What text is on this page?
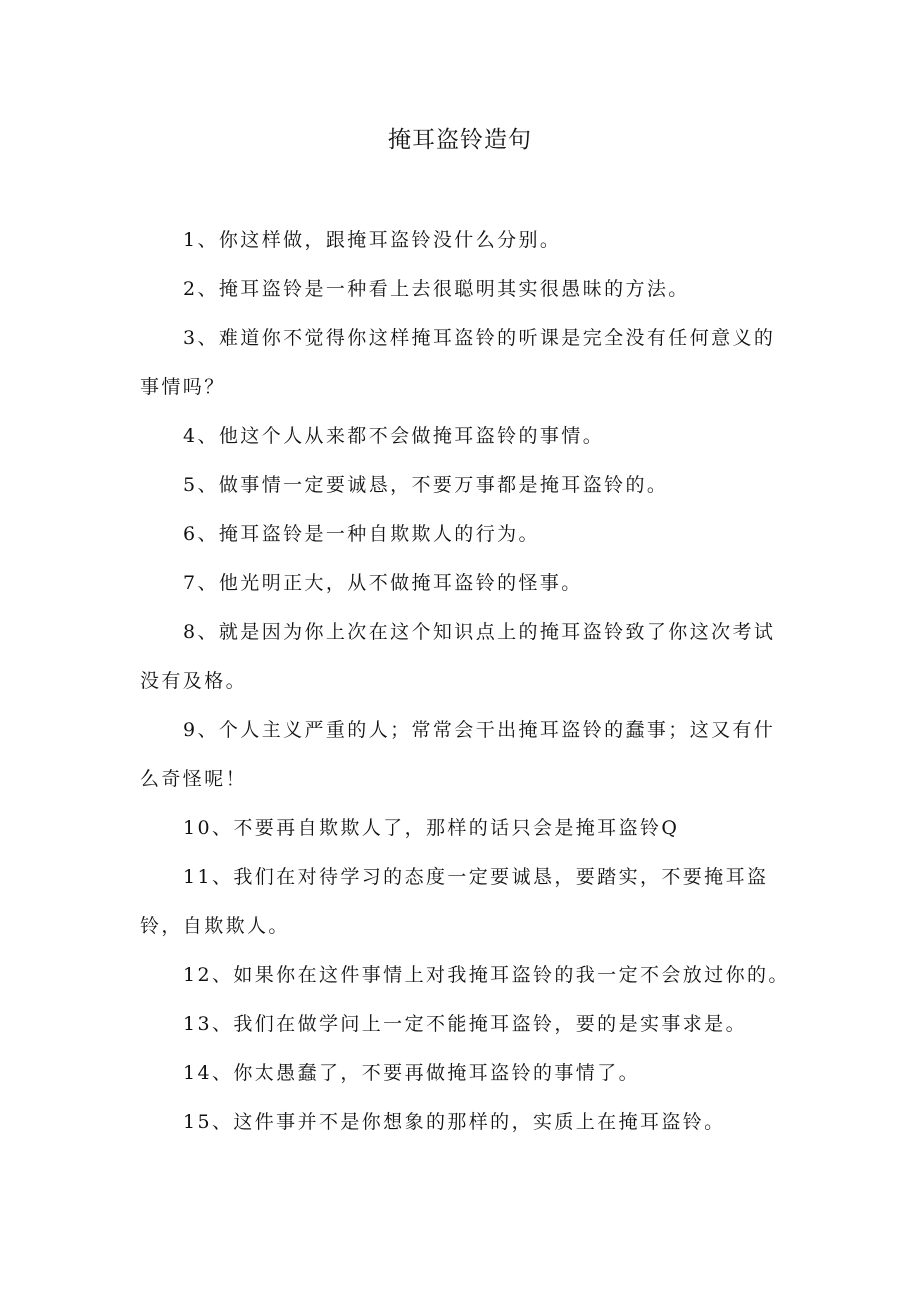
掩耳盗铃造句

1、你这样做，跟掩耳盗铃没什么分别。

2、掩耳盗铃是一种看上去很聪明其实很愚昧的方法。

3、难道你不觉得你这样掩耳盗铃的听课是完全没有任何意义的事情吗？

4、他这个人从来都不会做掩耳盗铃的事情。

5、做事情一定要诚恳，不要万事都是掩耳盗铃的。

6、掩耳盗铃是一种自欺欺人的行为。

7、他光明正大，从不做掩耳盗铃的怪事。

8、就是因为你上次在这个知识点上的掩耳盗铃致了你这次考试没有及格。

9、个人主义严重的人；常常会干出掩耳盗铃的蠢事；这又有什么奇怪呢！

10、不要再自欺欺人了，那样的话只会是掩耳盗铃Q

11、我们在对待学习的态度一定要诚恳，要踏实，不要掩耳盗铃，自欺欺人。

12、如果你在这件事情上对我掩耳盗铃的我一定不会放过你的。

13、我们在做学问上一定不能掩耳盗铃，要的是实事求是。

14、你太愚蠢了，不要再做掩耳盗铃的事情了。

15、这件事并不是你想象的那样的，实质上在掩耳盗铃。
